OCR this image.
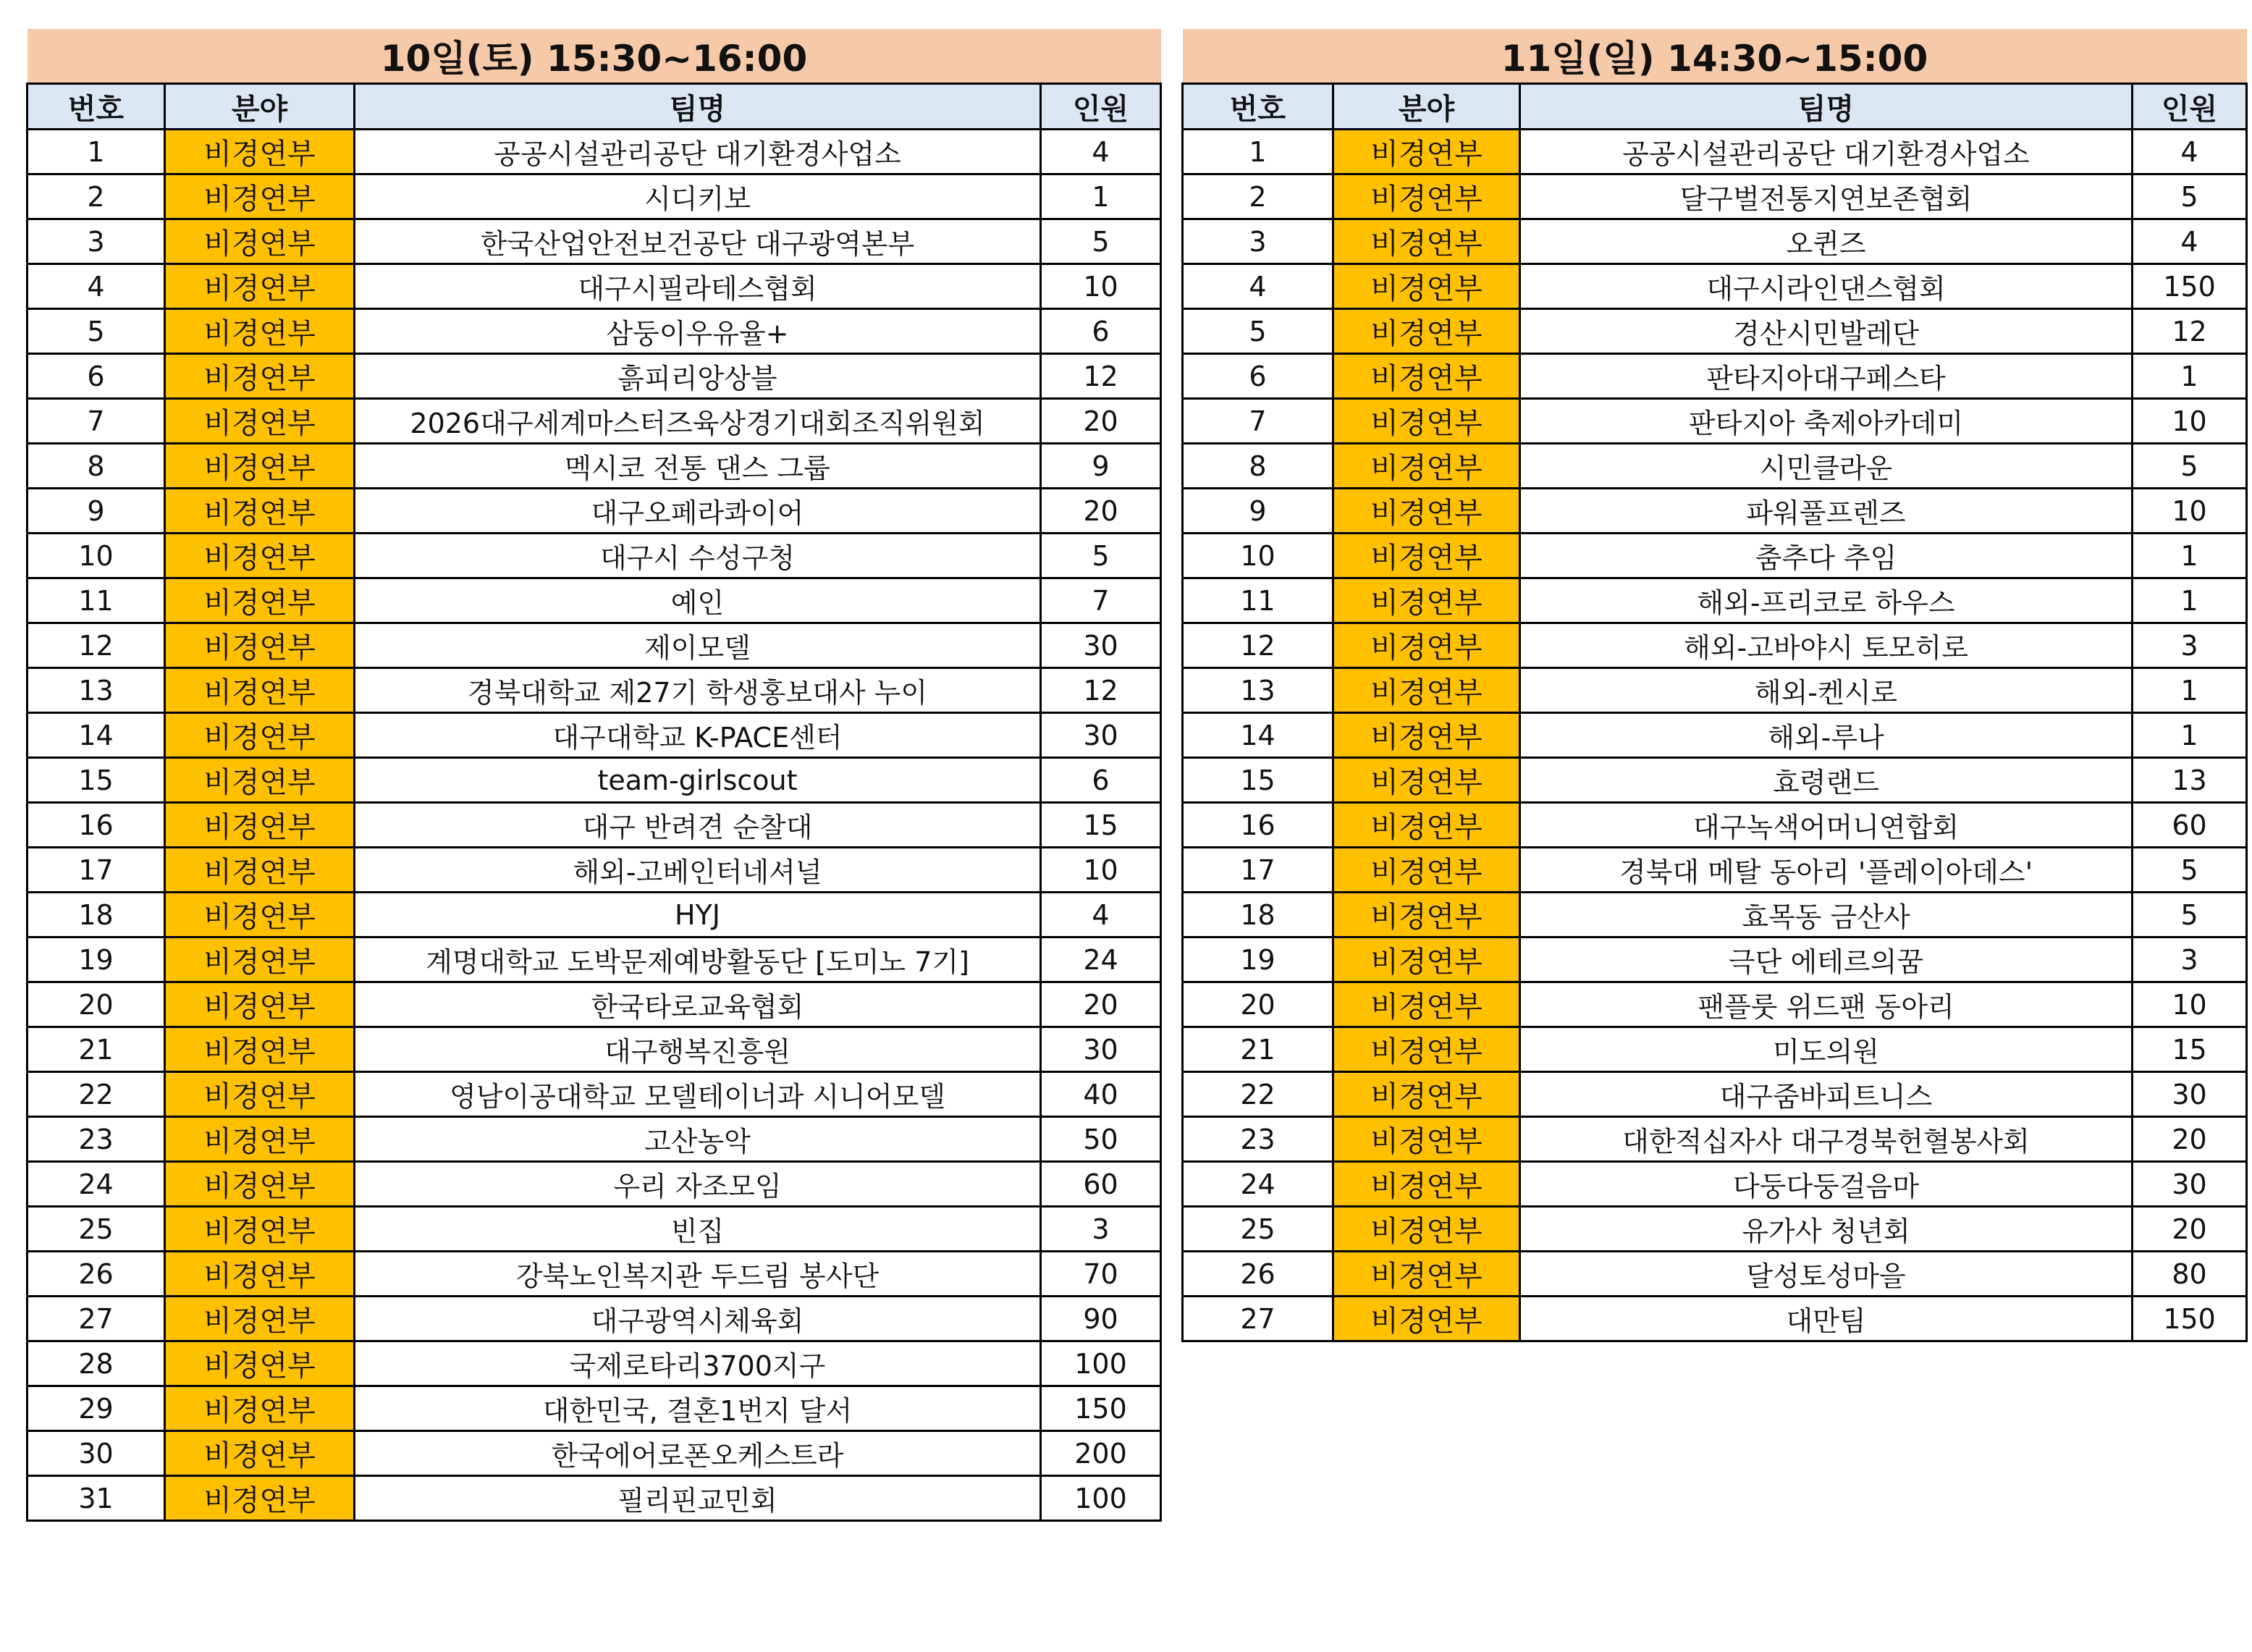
10일(토) 15:30~16:00			
번호	분야	팀명	인원
1	비경연부	공공시설관리공단 대기환경사업소	4
2	비경연부	시디키보	1
3	비경연부	한국산업안전보건공단 대구광역본부	5
4	비경연부	대구시필라테스협회	10
5	비경연부	삼둥이우유율+	6
6	비경연부	흙피리앙상블	12
7	비경연부	2026대구세계마스터즈육상경기대회조직위원회	20
8	비경연부	멕시코 전통 댄스 그룹	9
9	비경연부	대구오페라콰이어	20
10	비경연부	대구시 수성구청	5
11	비경연부	예인	7
12	비경연부	제이모델	30
13	비경연부	경북대학교 제27기 학생홍보대사 누이	12
14	비경연부	대구대학교 K-PACE센터	30
15	비경연부	team-girlscout	6
16	비경연부	대구 반려견 순찰대	15
17	비경연부	해외-고베인터네셔널	10
18	비경연부	HYJ	4
19	비경연부	계명대학교 도박문제예방활동단 [도미노 7기]	24
20	비경연부	한국타로교육협회	20
21	비경연부	대구행복진흥원	30
22	비경연부	영남이공대학교 모델테이너과 시니어모델	40
23	비경연부	고산농악	50
24	비경연부	우리 자조모임	60
25	비경연부	빈집	3
26	비경연부	강북노인복지관 두드림 봉사단	70
27	비경연부	대구광역시체육회	90
28	비경연부	국제로타리3700지구	100
29	비경연부	대한민국, 결혼1번지 달서	150
30	비경연부	한국에어로폰오케스트라	200
31	비경연부	필리핀교민회	100
11일(일) 14:30~15:00			
번호	분야	팀명	인원
1	비경연부	공공시설관리공단 대기환경사업소	4
2	비경연부	달구벌전통지연보존협회	5
3	비경연부	오퀸즈	4
4	비경연부	대구시라인댄스협회	150
5	비경연부	경산시민발레단	12
6	비경연부	판타지아대구페스타	1
7	비경연부	판타지아 축제아카데미	10
8	비경연부	시민클라운	5
9	비경연부	파워풀프렌즈	10
10	비경연부	춤추다 추임	1
11	비경연부	해외-프리코로 하우스	1
12	비경연부	해외-고바야시 토모히로	3
13	비경연부	해외-켄시로	1
14	비경연부	해외-루나	1
15	비경연부	효령랜드	13
16	비경연부	대구녹색어머니연합회	60
17	비경연부	경북대 메탈 동아리 '플레이아데스'	5
18	비경연부	효목동 금산사	5
19	비경연부	극단 에테르의꿈	3
20	비경연부	팬플룻 위드팬 동아리	10
21	비경연부	미도의원	15
22	비경연부	대구줌바피트니스	30
23	비경연부	대한적십자사 대구경북헌혈봉사회	20
24	비경연부	다둥다둥걸음마	30
25	비경연부	유가사 청년회	20
26	비경연부	달성토성마을	80
27	비경연부	대만팀	150
